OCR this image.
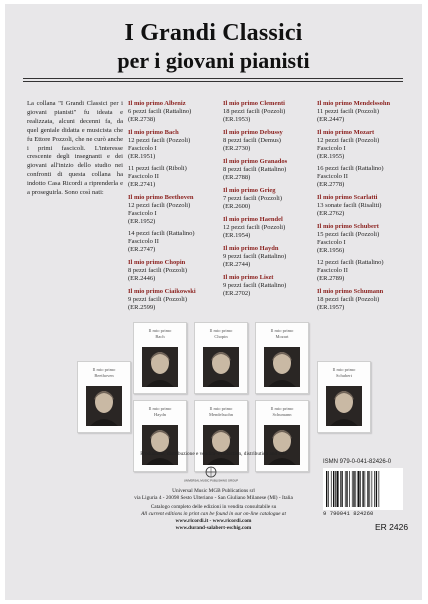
I Grandi Classici
per i giovani pianisti
La collana "I Grandi Classici per i giovani pianisti" fu ideata e realizzata, alcuni decenni fa, da quel geniale didatta e musicista che fu Ettore Pozzoli, che ne curò anche i primi fascicoli. L'interesse crescente degli insegnanti e dei giovani all'inizio dello studio nei confronti di questa collana ha indotto Casa Ricordi a riprenderla e a proseguirla. Sono così nati:
Il mio primo Albeniz
6 pezzi facili (Rattalino)
(ER.2738)
Il mio primo Bach
12 pezzi facili (Pozzoli)
Fascicolo I
(ER.1951)
11 pezzi facili (Riboli)
Fascicolo II
(ER.2741)
Il mio primo Beethoven
12 pezzi facili (Pozzoli)
Fascicolo I
(ER.1952)
14 pezzi facili (Rattalino)
Fascicolo II
(ER.2747)
Il mio primo Chopin
8 pezzi facili (Pozzoli)
(ER.2446)
Il mio primo Ciaikowski
9 pezzi facili (Pozzoli)
(ER.2599)
Il mio primo Clementi
18 pezzi facili (Pozzoli)
(ER.1953)
Il mio primo Debussy
8 pezzi facili (Demus)
(ER.2730)
Il mio primo Granados
8 pezzi facili (Rattalino)
(ER.2788)
Il mio primo Grieg
7 pezzi facili (Pozzoli)
(ER.2600)
Il mio primo Haendel
12 pezzi facili (Pozzoli)
(ER.1954)
Il mio primo Haydn
9 pezzi facili (Rattalino)
(ER.2744)
Il mio primo Liszt
9 pezzi facili (Rattalino)
(ER.2702)
Il mio primo Mendelssohn
11 pezzi facili (Pozzoli)
(ER.2447)
Il mio primo Mozart
12 pezzi facili (Pozzoli)
Fascicolo I
(ER.1955)
16 pezzi facili (Rattalino)
Fascicolo II
(ER.2778)
Il mio primo Scarlatti
13 sonate facili (Risaliti)
(ER.2762)
Il mio primo Schubert
15 pezzi facili (Pozzoli)
Fascicolo I
(ER.1956)
12 pezzi facili (Rattalino)
Fascicolo II
(ER.2789)
Il mio primo Schumann
18 pezzi facili (Pozzoli)
(ER.1957)
Il mio primo
Beethoven
Il mio primo
Bach
Il mio primo
Chopin
Il mio primo
Mozart
Il mio primo
Haydn
Il mio primo
Mendelssohn
Il mio primo
Schumann
Il mio primo
Schubert
Produzione, distribuzione e vendita–Production, distribution and sale
UNIVERSAL MUSIC PUBLISHING GROUP
Universal Music MGB Publications srl
via Liguria 4 - 20098 Sesto Ulteriano - San Giuliano Milanese (MI) - Italia
Catalogo completo delle edizioni in vendita consultabile su
All current editions in print can be found in our on-line catalogue at
www.ricordi.it - www.ricordi.com
www.durand-salabert-eschig.com
ISMN 979-0-041-82426-0
9 790041 824260
ER 2426
